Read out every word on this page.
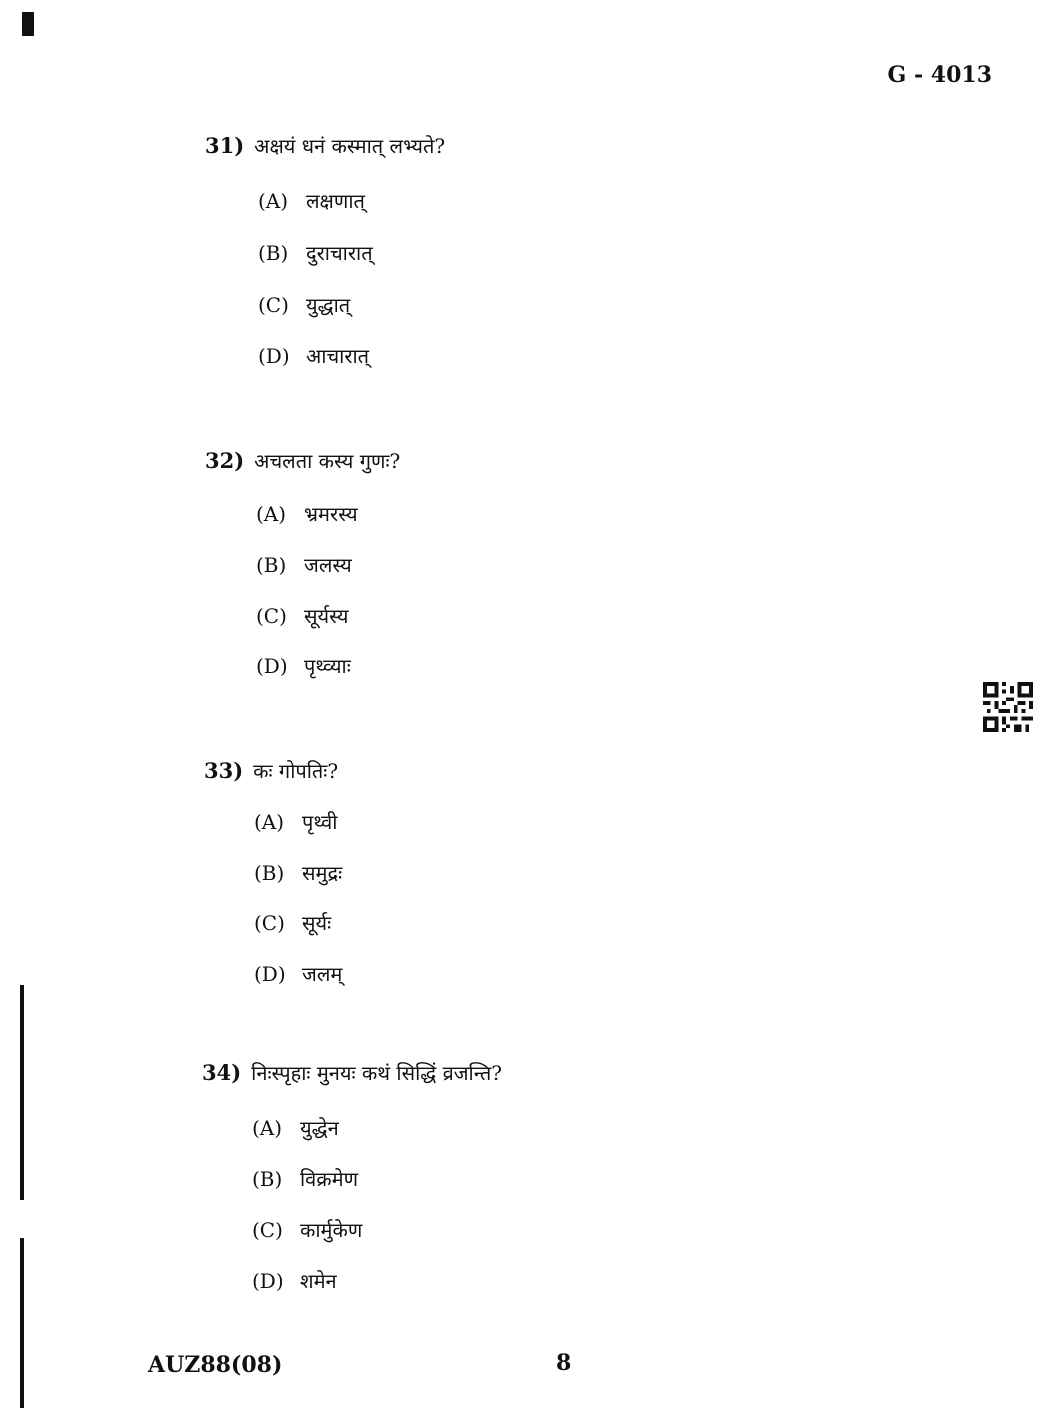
G - 4013
31) अक्षयं धनं कस्मात् लभ्यते?
(A) लक्षणात्
(B) दुराचारात्
(C) युद्धात्
(D) आचारात्
32) अचलता कस्य गुणः?
(A) भ्रमरस्य
(B) जलस्य
(C) सूर्यस्य
(D) पृथ्व्याः
33) कः गोपतिः?
(A) पृथ्वी
(B) समुद्रः
(C) सूर्यः
(D) जलम्
34) निःस्पृहाः मुनयः कथं सिद्धिं व्रजन्ति?
(A) युद्धेन
(B) विक्रमेण
(C) कार्मुकेण
(D) शमेन
AUZ88(08)	8
